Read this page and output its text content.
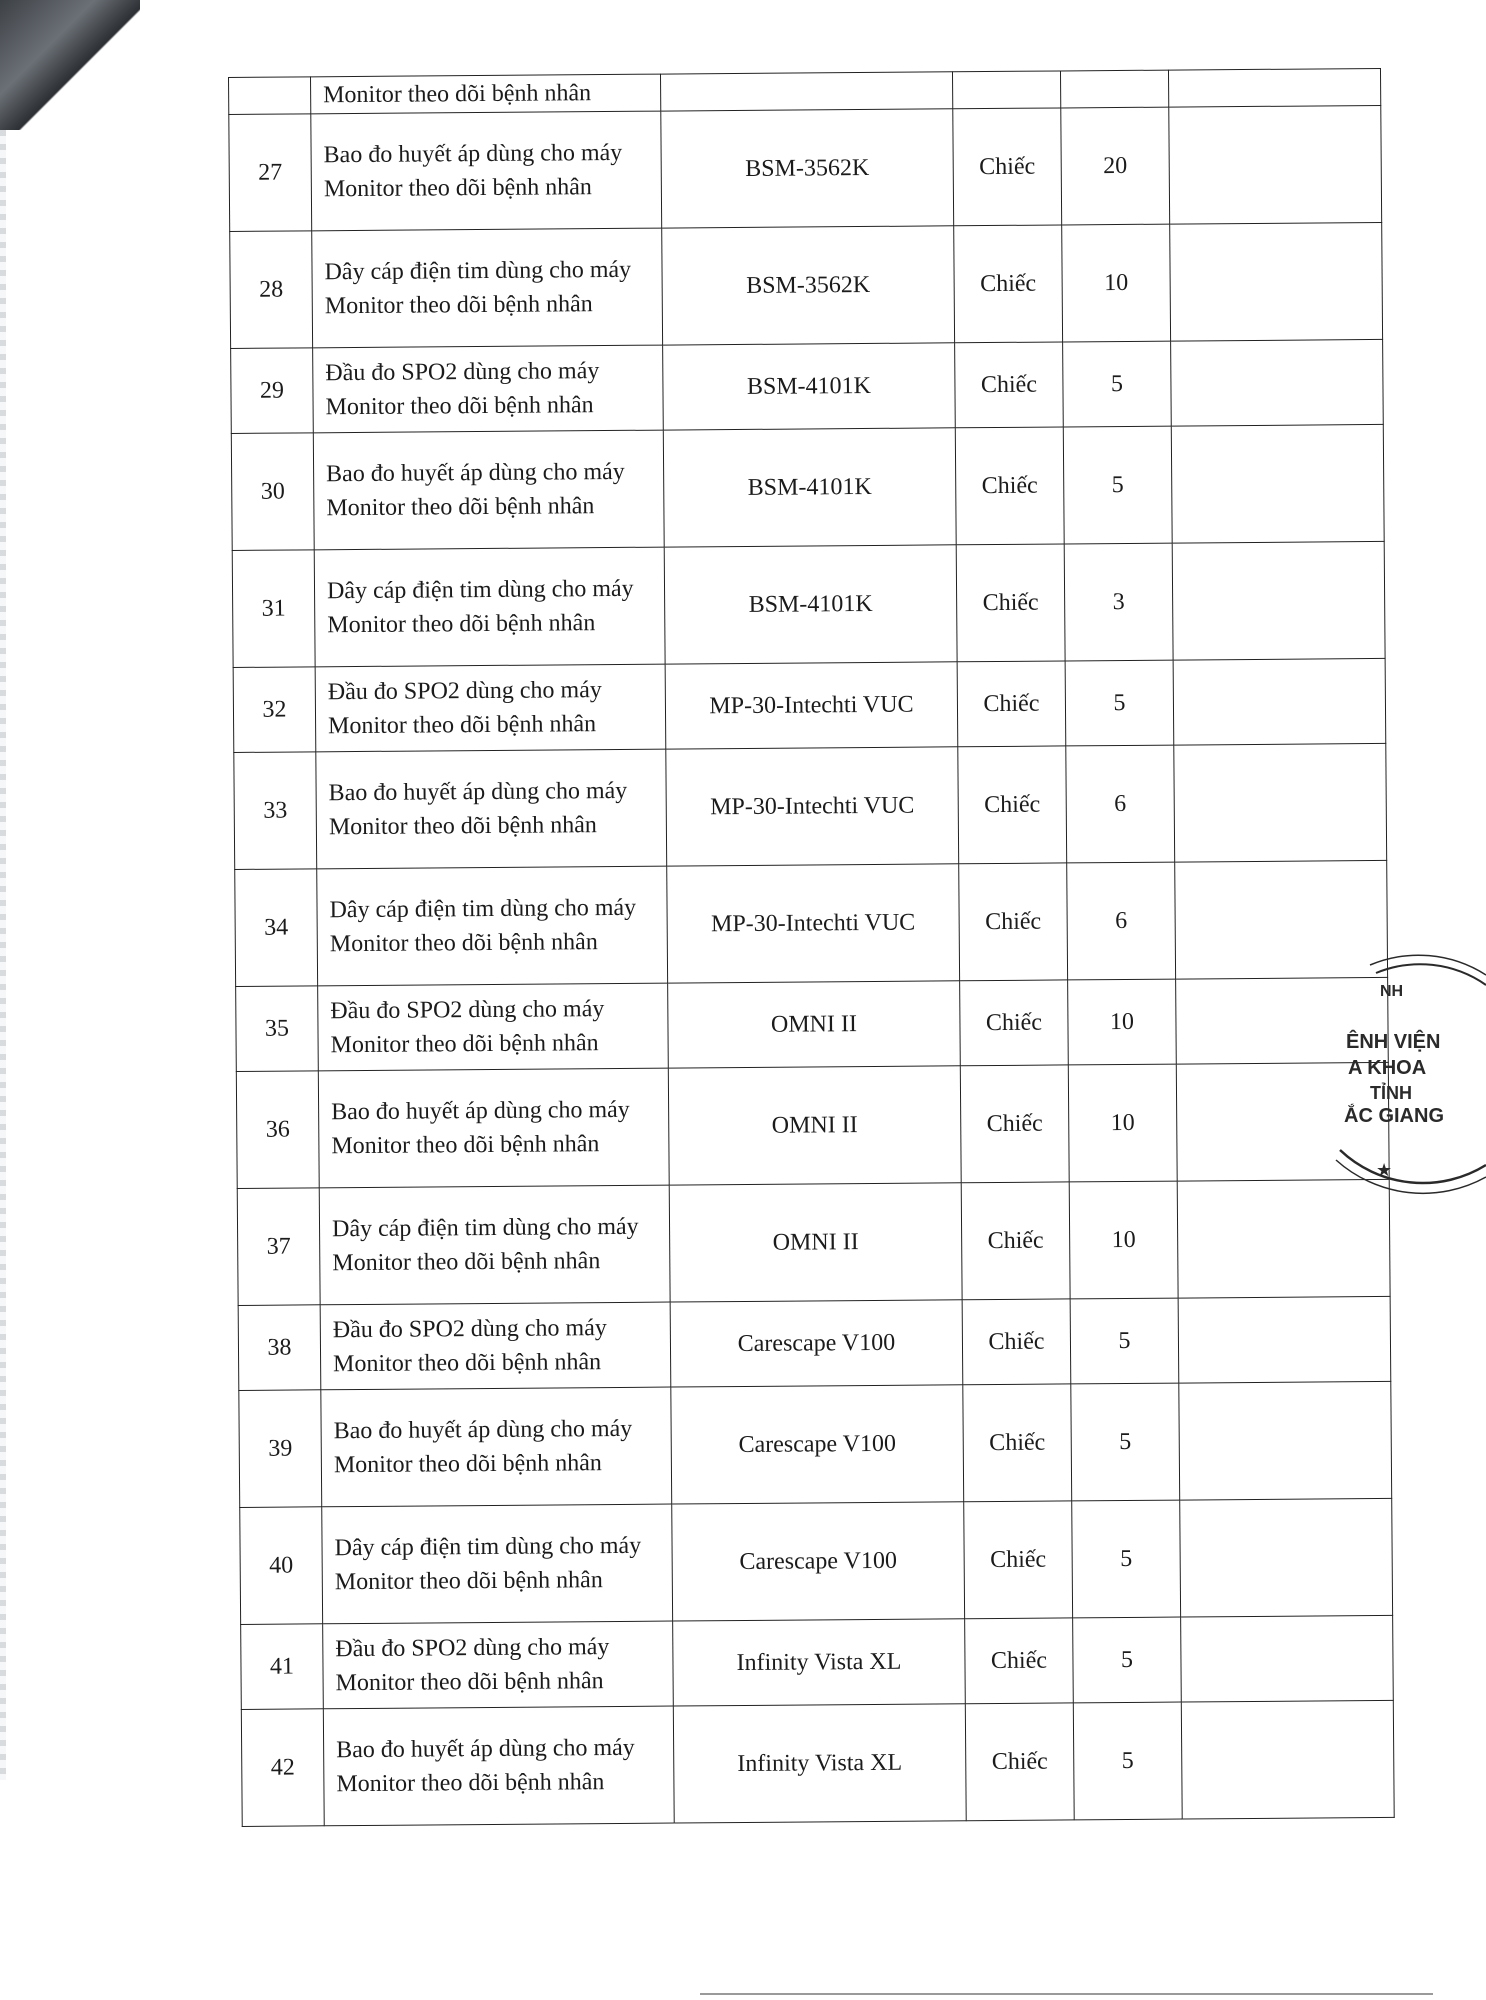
	Monitor theo dõi bệnh nhân				
27	Bao đo huyết áp dùng cho máy Monitor theo dõi bệnh nhân	BSM-3562K	Chiếc	20	
28	Dây cáp điện tim dùng cho máy Monitor theo dõi bệnh nhân	BSM-3562K	Chiếc	10	
29	Đầu đo SPO2 dùng cho máy Monitor theo dõi bệnh nhân	BSM-4101K	Chiếc	5	
30	Bao đo huyết áp dùng cho máy Monitor theo dõi bệnh nhân	BSM-4101K	Chiếc	5	
31	Dây cáp điện tim dùng cho máy Monitor theo dõi bệnh nhân	BSM-4101K	Chiếc	3	
32	Đầu đo SPO2 dùng cho máy Monitor theo dõi bệnh nhân	MP-30-Intechti VUC	Chiếc	5	
33	Bao đo huyết áp dùng cho máy Monitor theo dõi bệnh nhân	MP-30-Intechti VUC	Chiếc	6	
34	Dây cáp điện tim dùng cho máy Monitor theo dõi bệnh nhân	MP-30-Intechti VUC	Chiếc	6	
35	Đầu đo SPO2 dùng cho máy Monitor theo dõi bệnh nhân	OMNI II	Chiếc	10	
36	Bao đo huyết áp dùng cho máy Monitor theo dõi bệnh nhân	OMNI II	Chiếc	10	
37	Dây cáp điện tim dùng cho máy Monitor theo dõi bệnh nhân	OMNI II	Chiếc	10	
38	Đầu đo SPO2 dùng cho máy Monitor theo dõi bệnh nhân	Carescape V100	Chiếc	5	
39	Bao đo huyết áp dùng cho máy Monitor theo dõi bệnh nhân	Carescape V100	Chiếc	5	
40	Dây cáp điện tim dùng cho máy Monitor theo dõi bệnh nhân	Carescape V100	Chiếc	5	
41	Đầu đo SPO2 dùng cho máy Monitor theo dõi bệnh nhân	Infinity Vista XL	Chiếc	5	
42	Bao đo huyết áp dùng cho máy Monitor theo dõi bệnh nhân	Infinity Vista XL	Chiếc	5	
NH
ÊNH VIỆN
A KHOA
TỈNH
ẮC GIANG
★
